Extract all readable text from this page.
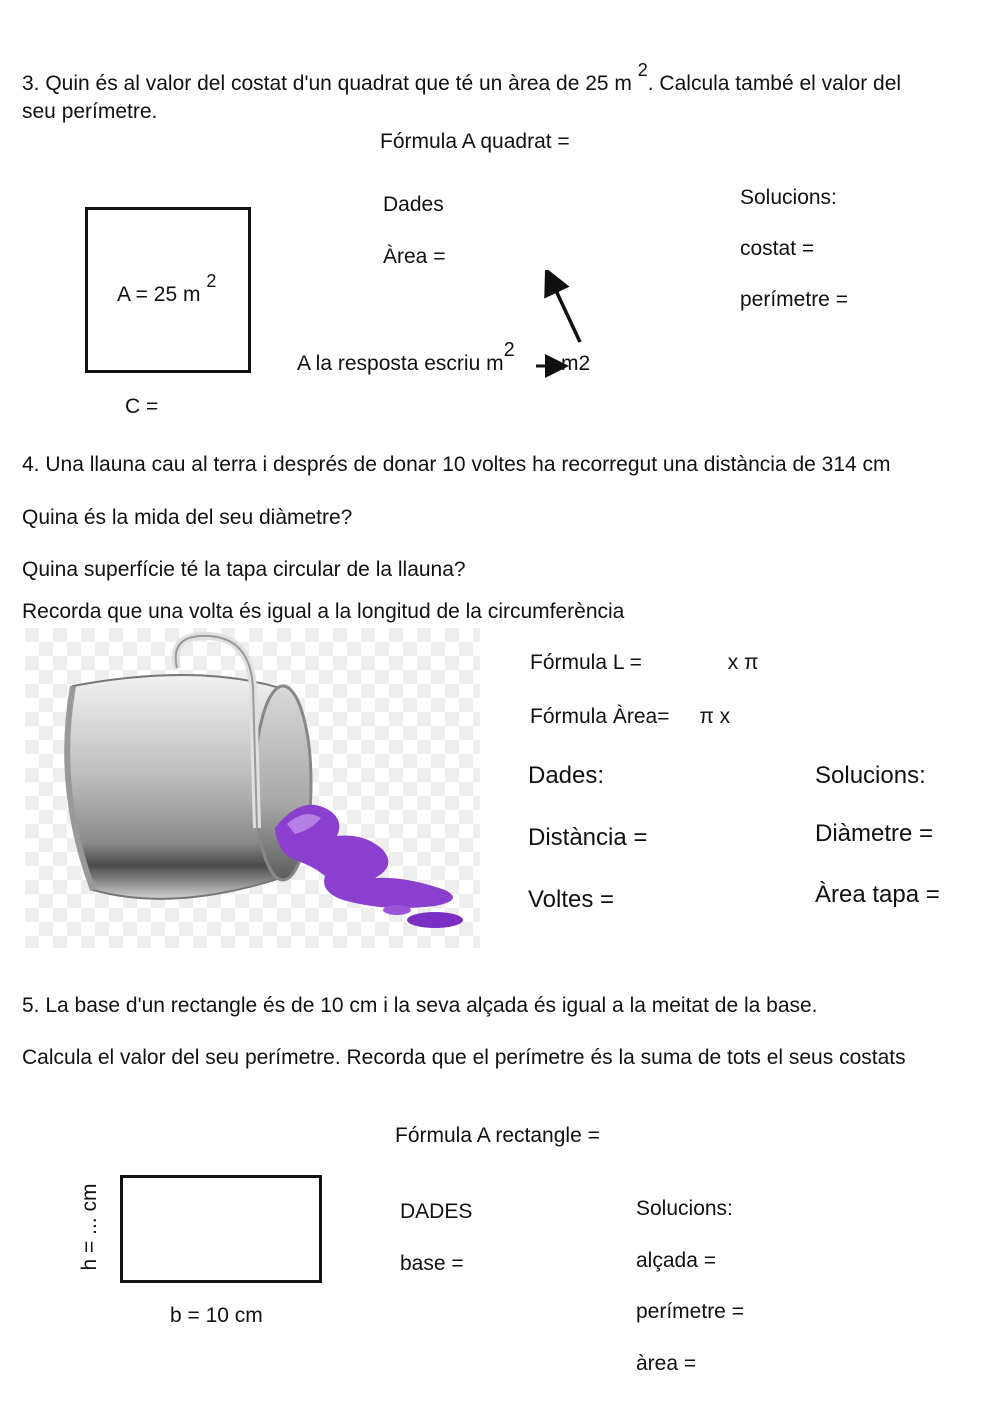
3. Quin és al valor del costat d'un quadrat que té un àrea de 25 m 2. Calcula també el valor del
seu perímetre.
Fórmula A quadrat =
Dades
Àrea =
Solucions:
costat =
perímetre =
A = 25 m 2
C =
A la resposta escriu m2
m2
4. Una llauna cau al terra i després de donar 10 voltes ha recorregut una distància de 314 cm
Quina és la mida del seu diàmetre?
Quina superfície té la tapa circular de la llauna?
Recorda que una volta és igual a la longitud de la circumferència
Fórmula L =	x π
Fórmula Àrea= π x
Dades:	Solucions:
Distància =	Diàmetre =
Voltes =	Àrea tapa =
5. La base d'un rectangle és de 10 cm i la seva alçada és igual a la meitat de la base.
Calcula el valor del seu perímetre. Recorda que el perímetre és la suma de tots el seus costats
Fórmula A rectangle =
h = ... cm
b = 10 cm
DADES
base =
Solucions:
alçada =
perímetre =
àrea =
